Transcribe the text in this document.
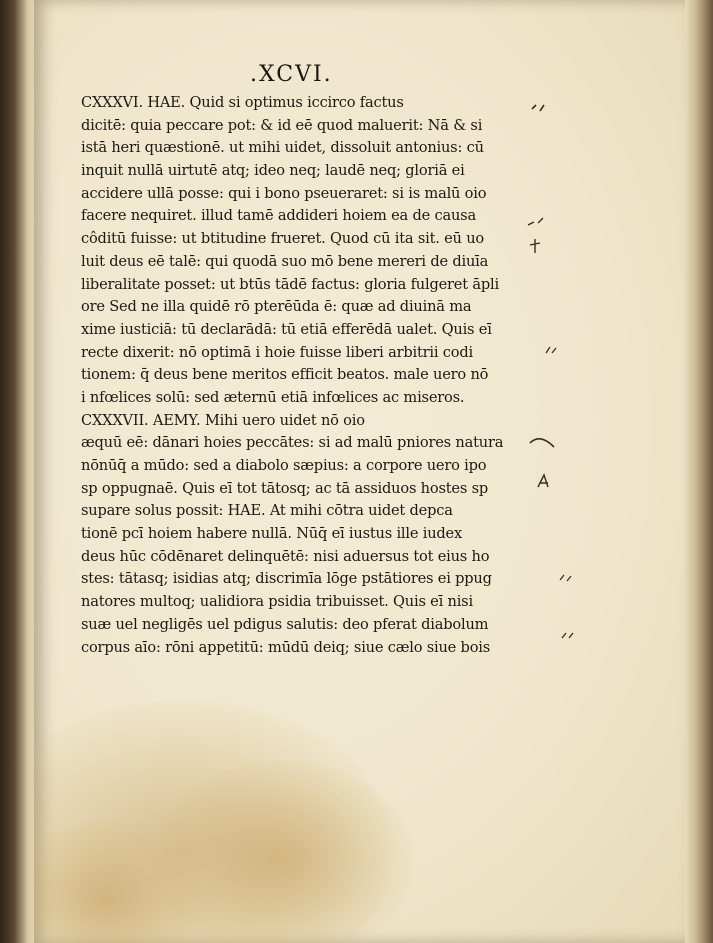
.XCVI.
CXXXVI. HAE. Quid si optimus iccirco factus
dicitē: quia peccare pot: & id eē quod maluerit: Nā & si
istā heri quæstionē. ut mihi uidet, dissoluit antonius: cū
inquit nullā uirtutē atq; ideo neq; laudē neq; gloriā ei
accidere ullā posse: qui i bono pseueraret: si is malū oio
facere nequiret. illud tamē addideri hoiem ea de causa
côditū fuisse: ut btitudine frueret. Quod cū ita sit. eū uo
luit deus eē talē: qui quodā suo mō bene mereri de diuīa
liberalitate posset: ut btūs tādē factus: gloria fulgeret āpli
ore Sed ne illa quidē rō pterēūda ē: quæ ad diuinā ma
xime iusticiā: tū declarādā: tū etiā efferēdā ualet. Quis eī
recte dixerit: nō optimā i hoie fuisse liberi arbitrii codi
tionem: q̄ deus bene meritos efficit beatos. male uero nō
i nfœlices solū: sed æternū etiā infœlices ac miseros.
CXXXVII. AEMY. Mihi uero uidet nō oio
æquū eē: dānari hoies peccātes: si ad malū pniores natura
nōnūq̄ a mūdo: sed a diabolo sæpius: a corpore uero ipo
sp oppugnaē. Quis eī tot tātosq; ac tā assiduos hostes sp
supare solus possit: HAE. At mihi cōtra uidet depca
tionē pcī hoiem habere nullā. Nūq̄ eī iustus ille iudex
deus hūc cōdēnaret delinquētē: nisi aduersus tot eius ho
stes: tātasq; isidias atq; discrimīa lōge pstātiores ei ppug
natores multoq; ualidiora psidia tribuisset. Quis eī nisi
suæ uel negligēs uel pdigus salutis: deo pferat diabolum
corpus aīo: rōni appetitū: mūdū deiq; siue cælo siue bois
